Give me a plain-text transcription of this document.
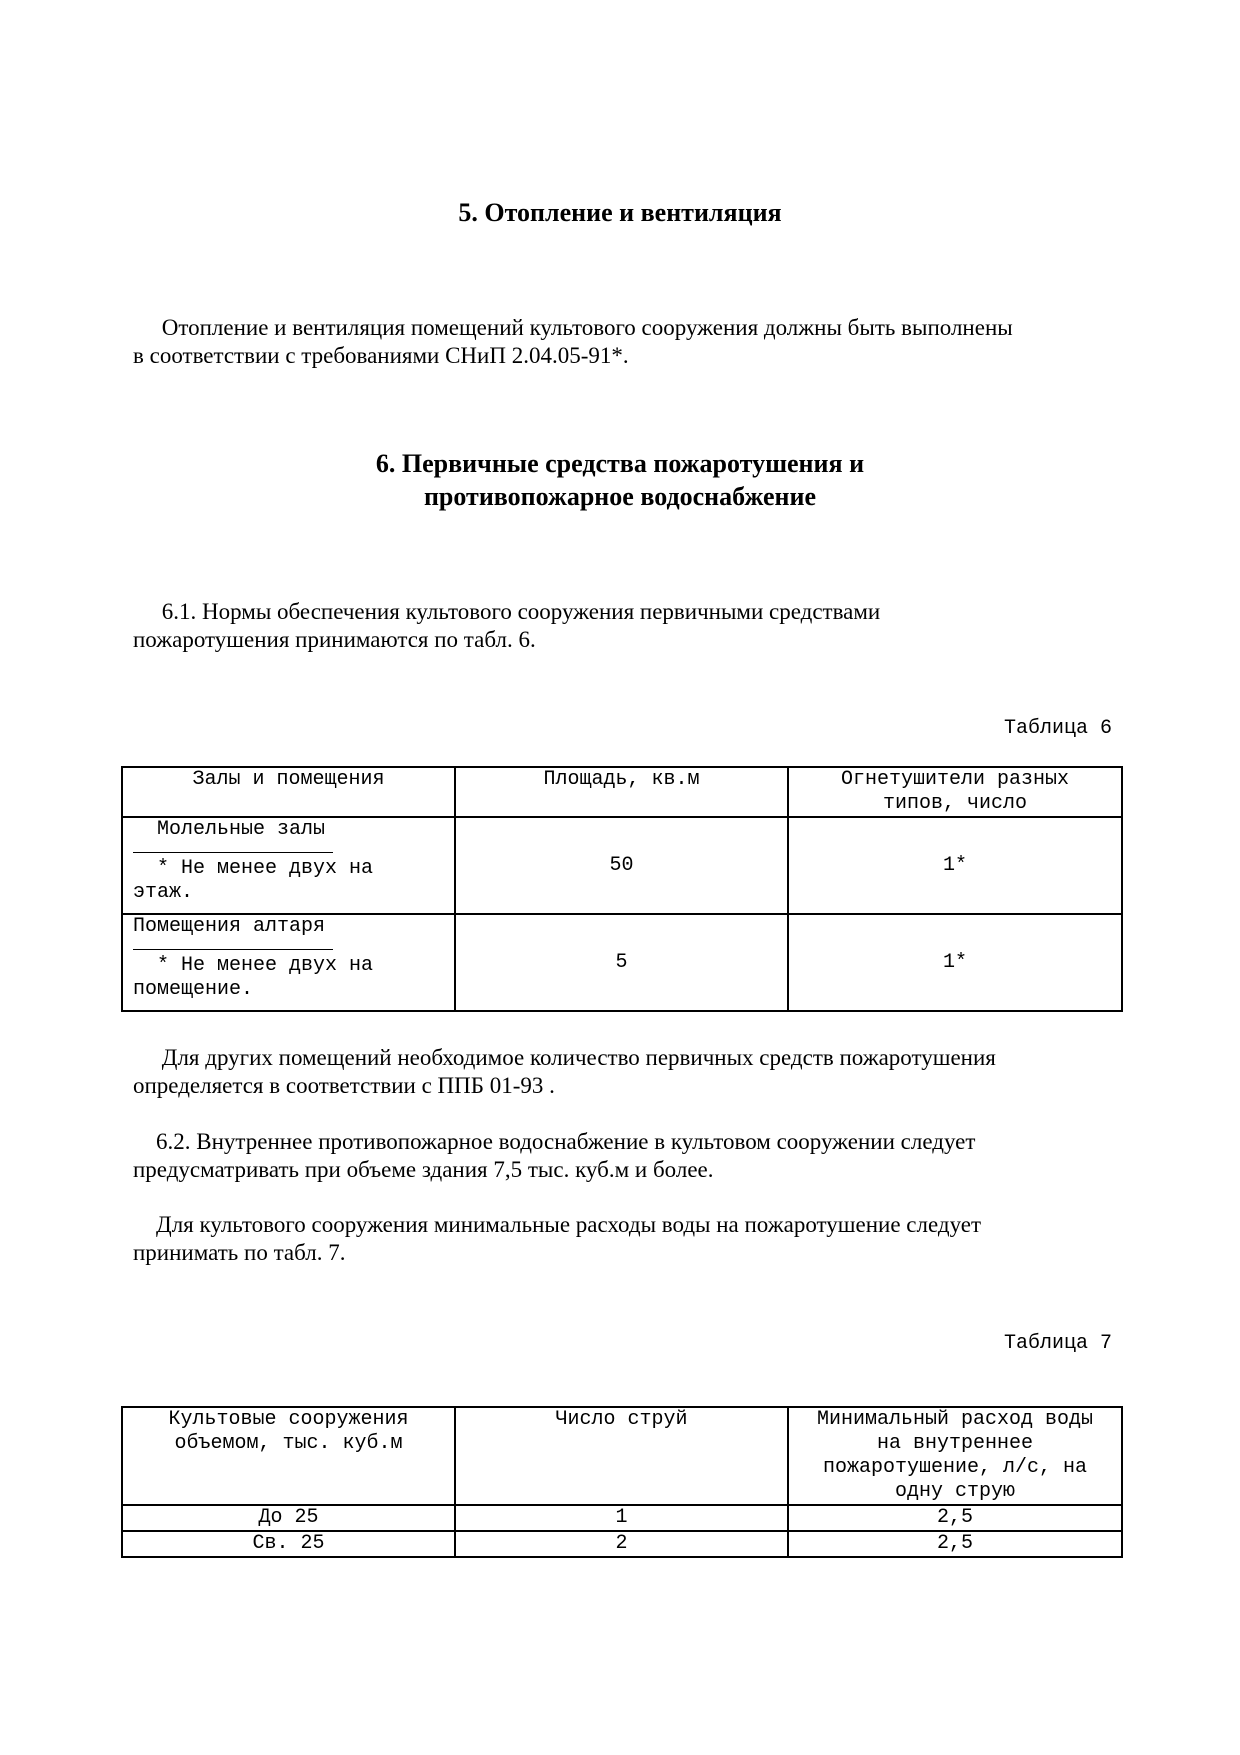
5. Отопление и вентиляция

Отопление и вентиляция помещений культового сооружения должны быть выполнены
в соответствии с требованиями СНиП 2.04.05-91*.

6. Первичные средства пожаротушения и
противопожарное водоснабжение

6.1. Нормы обеспечения культового сооружения первичными средствами
пожаротушения принимаются по табл. 6.

Таблица 6

Залы и помещения	Площадь, кв.м	Огнетушители разных
типов, число

Молельные залы
* Не менее двух на
этаж.	50	1*

Помещения алтаря
* Не менее двух на
помещение.	5	1*

Для других помещений необходимое количество первичных средств пожаротушения
определяется в соответствии с ППБ 01-93 .

6.2. Внутреннее противопожарное водоснабжение в культовом сооружении следует
предусматривать при объеме здания 7,5 тыс. куб.м и более.

Для культового сооружения минимальные расходы воды на пожаротушение следует
принимать по табл. 7.

Таблица 7

Культовые сооружения
объемом, тыс. куб.м	Число струй	Минимальный расход воды
на внутреннее
пожаротушение, л/с, на
одну струю

До 25	1	2,5
Св. 25	2	2,5
